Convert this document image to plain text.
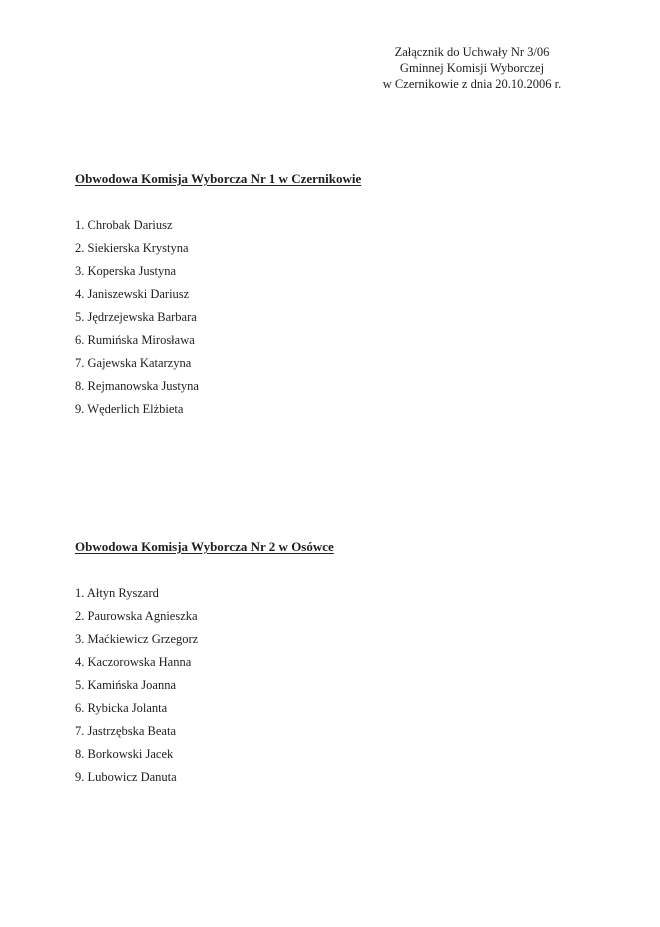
Załącznik do Uchwały Nr 3/06
Gminnej Komisji Wyborczej
w Czernikowie z dnia 20.10.2006 r.
Obwodowa Komisja Wyborcza Nr 1 w Czernikowie
1. Chrobak Dariusz
2. Siekierska Krystyna
3. Koperska Justyna
4. Janiszewski Dariusz
5. Jędrzejewska Barbara
6. Rumińska Mirosława
7. Gajewska Katarzyna
8. Rejmanowska Justyna
9. Węderlich Elżbieta
Obwodowa Komisja Wyborcza Nr 2 w Osówce
1. Ałtyn Ryszard
2. Paurowska Agnieszka
3. Maćkiewicz Grzegorz
4. Kaczorowska Hanna
5. Kamińska Joanna
6. Rybicka Jolanta
7. Jastrzębska Beata
8. Borkowski Jacek
9. Lubowicz Danuta
